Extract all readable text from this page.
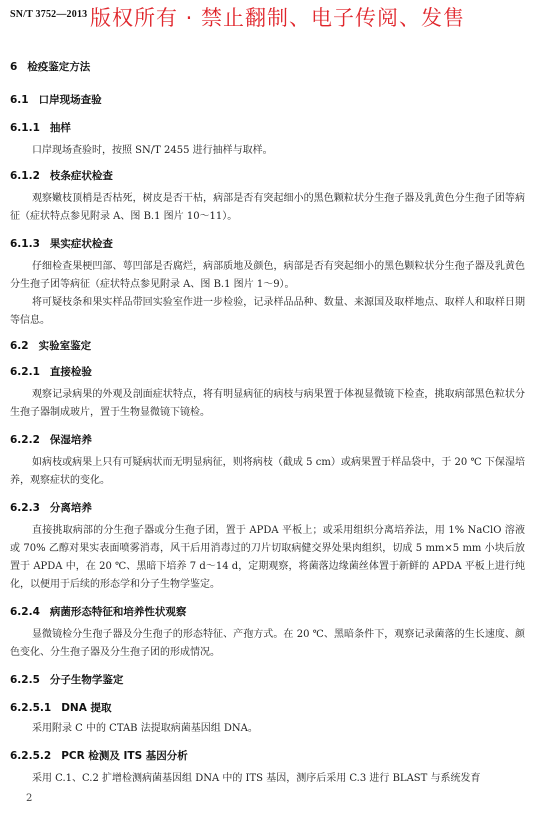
SN/T 3752—2013 版权所有 · 禁止翻制、电子传阅、发售
6 检疫鉴定方法
6.1 口岸现场查验
6.1.1 抽样
口岸现场查验时，按照 SN/T 2455 进行抽样与取样。
6.1.2 枝条症状检查
观察嫩枝顶梢是否枯死，树皮是否干枯，病部是否有突起细小的黑色颗粒状分生孢子器及乳黄色分生孢子团等病征（症状特点参见附录 A、图 B.1 图片 10～11）。
6.1.3 果实症状检查
仔细检查果梗凹部、萼凹部是否腐烂，病部质地及颜色，病部是否有突起细小的黑色颗粒状分生孢子器及乳黄色分生孢子团等病征（症状特点参见附录 A、图 B.1 图片 1～9）。
将可疑枝条和果实样品带回实验室作进一步检验，记录样品品种、数量、来源国及取样地点、取样人和取样日期等信息。
6.2 实验室鉴定
6.2.1 直接检验
观察记录病果的外观及剖面症状特点，将有明显病征的病枝与病果置于体视显微镜下检查，挑取病部黑色粒状分生孢子器制成玻片，置于生物显微镜下镜检。
6.2.2 保湿培养
如病枝或病果上只有可疑病状而无明显病征，则将病枝（截成 5 cm）或病果置于样品袋中，于 20 ℃ 下保湿培养，观察症状的变化。
6.2.3 分离培养
直接挑取病部的分生孢子器或分生孢子团，置于 APDA 平板上；或采用组织分离培养法，用 1% NaClO 溶液或 70% 乙醇对果实表面喷雾消毒，风干后用消毒过的刀片切取病健交界处果肉组织，切成 5 mm×5 mm 小块后放置于 APDA 中，在 20 ℃、黑暗下培养 7 d～14 d，定期观察，将菌落边缘菌丝体置于新鲜的 APDA 平板上进行纯化，以便用于后续的形态学和分子生物学鉴定。
6.2.4 病菌形态特征和培养性状观察
显微镜检分生孢子器及分生孢子的形态特征、产孢方式。在 20 ℃、黑暗条件下，观察记录菌落的生长速度、颜色变化、分生孢子器及分生孢子团的形成情况。
6.2.5 分子生物学鉴定
6.2.5.1 DNA 提取
采用附录 C 中的 CTAB 法提取病菌基因组 DNA。
6.2.5.2 PCR 检测及 ITS 基因分析
采用 C.1、C.2 扩增检测病菌基因组 DNA 中的 ITS 基因，测序后采用 C.3 进行 BLAST 与系统发育
2
